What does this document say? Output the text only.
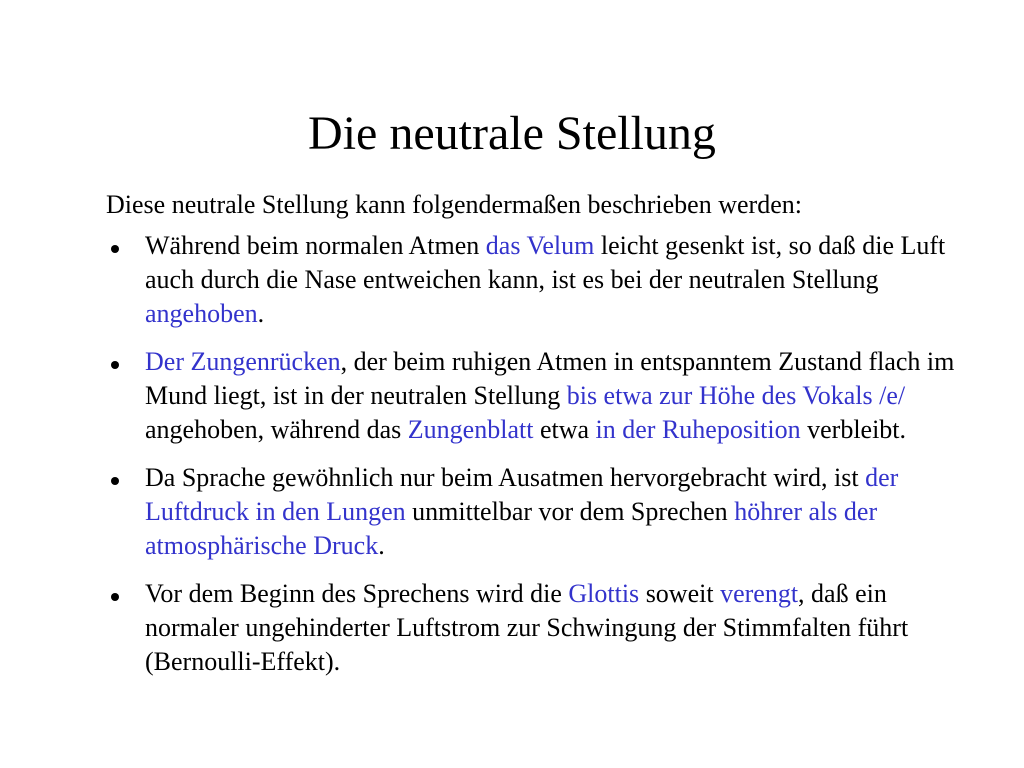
Die neutrale Stellung

Diese neutrale Stellung kann folgendermaßen beschrieben werden:

Während beim normalen Atmen das Velum leicht gesenkt ist, so daß die Luft auch durch die Nase entweichen kann, ist es bei der neutralen Stellung angehoben.
Der Zungenrücken, der beim ruhigen Atmen in entspanntem Zustand flach im Mund liegt, ist in der neutralen Stellung bis etwa zur Höhe des Vokals /e/ angehoben, während das Zungenblatt etwa in der Ruheposition verbleibt.
Da Sprache gewöhnlich nur beim Ausatmen hervorgebracht wird, ist der Luftdruck in den Lungen unmittelbar vor dem Sprechen höhrer als der atmosphärische Druck.
Vor dem Beginn des Sprechens wird die Glottis soweit verengt, daß ein normaler ungehinderter Luftstrom zur Schwingung der Stimmfalten führt (Bernoulli-Effekt).
